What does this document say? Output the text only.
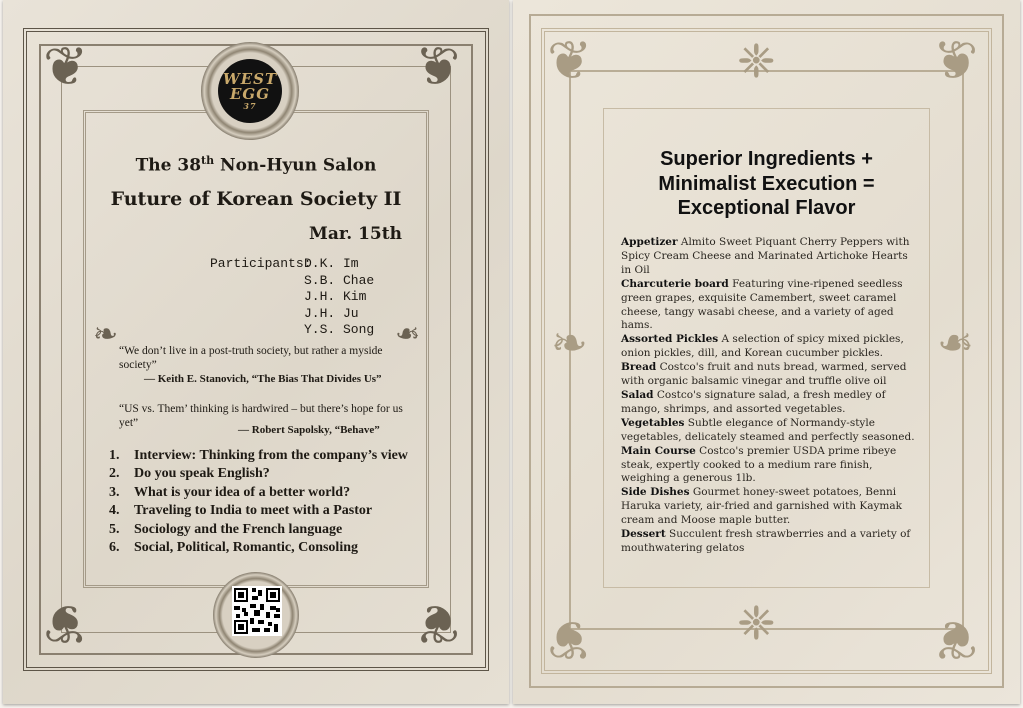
❦	❦
❦	❦
❧	❧
WEST
EGG
37

The 38th Non-Hyun Salon

Future of Korean Society II

Mar. 15th

Participants:

D.K. Im
S.B. Chae
J.H. Kim
J.H. Ju
Y.S. Song

“We don’t live in a post-truth society, but rather a myside society”

— Keith E. Stanovich, “The Bias That Divides Us”

“US vs. Them’ thinking is hardwired – but there’s hope for us yet”

— Robert Sapolsky, “Behave”

1. Interview: Thinking from the company’s view
2. Do you speak English?
3. What is your idea of a better world?
4. Traveling to India to meet with a Pastor
5. Sociology and the French language
6. Social, Political, Romantic, Consoling
❦	❦
❦	❦
❈
❈
❧	❧
Superior Ingredients +
Minimalist Execution =
Exceptional Flavor

Appetizer Almito Sweet Piquant Cherry Peppers with Spicy Cream Cheese and Marinated Artichoke Hearts in Oil

Charcuterie board Featuring vine-ripened seedless green grapes, exquisite Camembert, sweet caramel cheese, tangy wasabi cheese, and a variety of aged hams.

Assorted Pickles A selection of spicy mixed pickles, onion pickles, dill, and Korean cucumber pickles.

Bread Costco's fruit and nuts bread, warmed, served with organic balsamic vinegar and truffle olive oil

Salad Costco's signature salad, a fresh medley of mango, shrimps, and assorted vegetables.

Vegetables Subtle elegance of Normandy-style vegetables, delicately steamed and perfectly seasoned.

Main Course Costco's premier USDA prime ribeye steak, expertly cooked to a medium rare finish, weighing a generous 1lb.

Side Dishes Gourmet honey-sweet potatoes, Benni Haruka variety, air-fried and garnished with Kaymak cream and Moose maple butter.

Dessert Succulent fresh strawberries and a variety of mouthwatering gelatos
